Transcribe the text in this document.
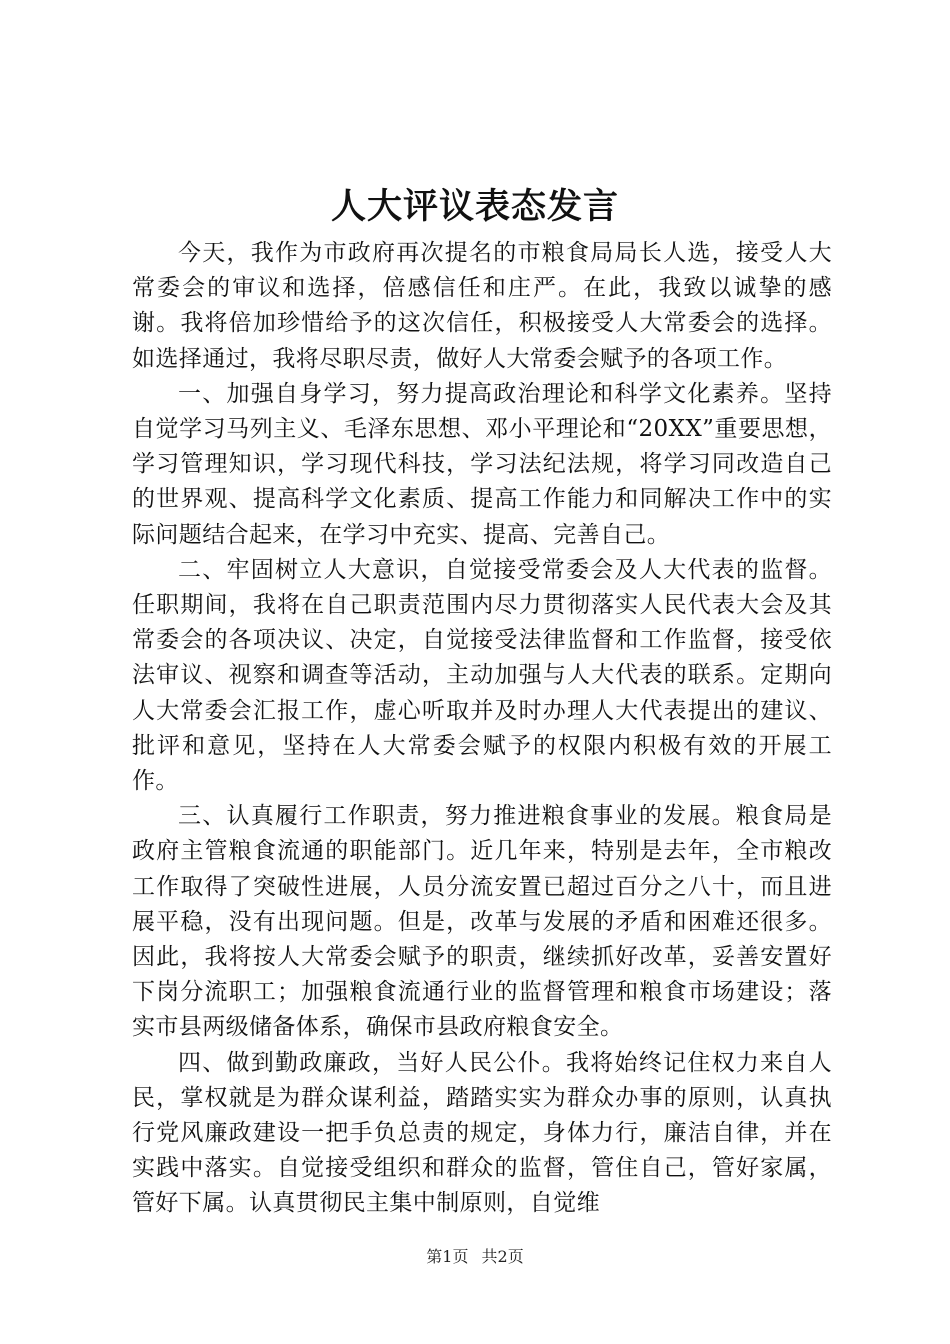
人大评议表态发言

今天，我作为市政府再次提名的市粮食局局长人选，接受人大常委会的审议和选择，倍感信任和庄严。在此，我致以诚挚的感谢。我将倍加珍惜给予的这次信任，积极接受人大常委会的选择。如选择通过，我将尽职尽责，做好人大常委会赋予的各项工作。

一、加强自身学习，努力提高政治理论和科学文化素养。坚持自觉学习马列主义、毛泽东思想、邓小平理论和“20XX”重要思想，学习管理知识，学习现代科技，学习法纪法规，将学习同改造自己的世界观、提高科学文化素质、提高工作能力和同解决工作中的实际问题结合起来，在学习中充实、提高、完善自己。

二、牢固树立人大意识，自觉接受常委会及人大代表的监督。任职期间，我将在自己职责范围内尽力贯彻落实人民代表大会及其常委会的各项决议、决定，自觉接受法律监督和工作监督，接受依法审议、视察和调查等活动，主动加强与人大代表的联系。定期向人大常委会汇报工作，虚心听取并及时办理人大代表提出的建议、批评和意见，坚持在人大常委会赋予的权限内积极有效的开展工作。

三、认真履行工作职责，努力推进粮食事业的发展。粮食局是政府主管粮食流通的职能部门。近几年来，特别是去年，全市粮改工作取得了突破性进展，人员分流安置已超过百分之八十，而且进展平稳，没有出现问题。但是，改革与发展的矛盾和困难还很多。因此，我将按人大常委会赋予的职责，继续抓好改革，妥善安置好下岗分流职工；加强粮食流通行业的监督管理和粮食市场建设；落实市县两级储备体系，确保市县政府粮食安全。

四、做到勤政廉政，当好人民公仆。我将始终记住权力来自人民，掌权就是为群众谋利益，踏踏实实为群众办事的原则，认真执行党风廉政建设一把手负总责的规定，身体力行，廉洁自律，并在实践中落实。自觉接受组织和群众的监督，管住自己，管好家属，管好下属。认真贯彻民主集中制原则，自觉维

第1页 共2页
